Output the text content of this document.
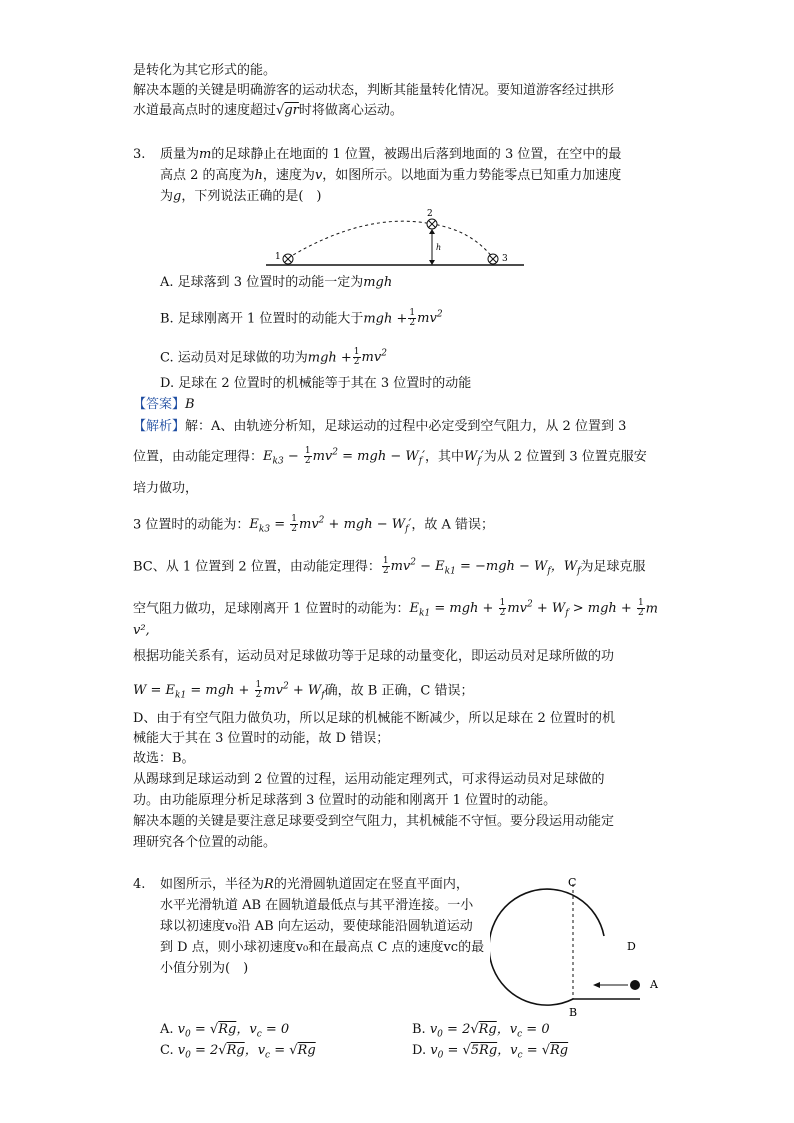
是转化为其它形式的能。
解决本题的关键是明确游客的运动状态，判断其能量转化情况。要知道游客经过拱形
水道最高点时的速度超过√gr时将做离心运动。
3. 质量为m的足球静止在地面的 1 位置，被踢出后落到地面的 3 位置，在空中的最
高点 2 的高度为h，速度为v，如图所示。以地面为重力势能零点已知重力加速度
为g，下列说法正确的是(　)
1
2
3
h
A. 足球落到 3 位置时的动能一定为mgh
B. 足球刚离开 1 位置时的动能大于mgh + $\frac{1}{2} mv^2$
C. 运动员对足球做的功为mgh + $\frac{1}{2} mv^2$
D. 足球在 2 位置时的机械能等于其在 3 位置时的动能
【答案】B
【解析】解：A、由轨迹分析知，足球运动的过程中必定受到空气阻力，从 2 位置到 3
位置，由动能定理得：$E_{k3} - \frac{1}{2} mv^2$ = mgh − $W_f'$，其中$W_f'$为从 2 位置到 3 位置克服安
培力做功，
3 位置时的动能为：$E_{k3} = \frac{1}{2} mv^2$ + mgh − $W_f'$，故 A 错误；
BC、从 1 位置到 2 位置，由动能定理得： $\frac{1}{2} mv^2 - E_{k1} = -mgh - W_f$，$W_f$为足球克服
空气阻力做功，足球刚离开 1 位置时的动能为：$E_{k1}$ = mgh + $\frac{1}{2} mv^2 + W_f$ > mgh + $\frac{1}{2}$ m
v²,
根据功能关系有，运动员对足球做功等于足球的动量变化，即运动员对足球所做的功
$W = E_{k1}$ = mgh + $\frac{1}{2} mv^2 + W_f$确，故 B 正确，C 错误；
D、由于有空气阻力做负功，所以足球的机械能不断减少，所以足球在 2 位置时的机
械能大于其在 3 位置时的动能，故 D 错误；
故选：B。
从踢球到足球运动到 2 位置的过程，运用动能定理列式，可求得运动员对足球做的
功。由功能原理分析足球落到 3 位置时的动能和刚离开 1 位置时的动能。
解决本题的关键是要注意足球要受到空气阻力，其机械能不守恒。要分段运用动能定
理研究各个位置的动能。
4. 如图所示，半径为R的光滑圆轨道固定在竖直平面内，
水平光滑轨道 AB 在圆轨道最低点与其平滑连接。一小
球以初速度v₀沿 AB 向左运动，要使球能沿圆轨道运动
到 D 点，则小球初速度v₀和在最高点 C 点的速度vc的最
小值分别为(　)
C
D
B
A
A. $v_0 = √Rg$，$v_c = 0$	B. $v_0 = 2√Rg$，$v_c = 0$
C. $v_0 = 2√Rg$，$v_c = √Rg$	D. $v_0 = √5Rg$，$v_c = √Rg$
